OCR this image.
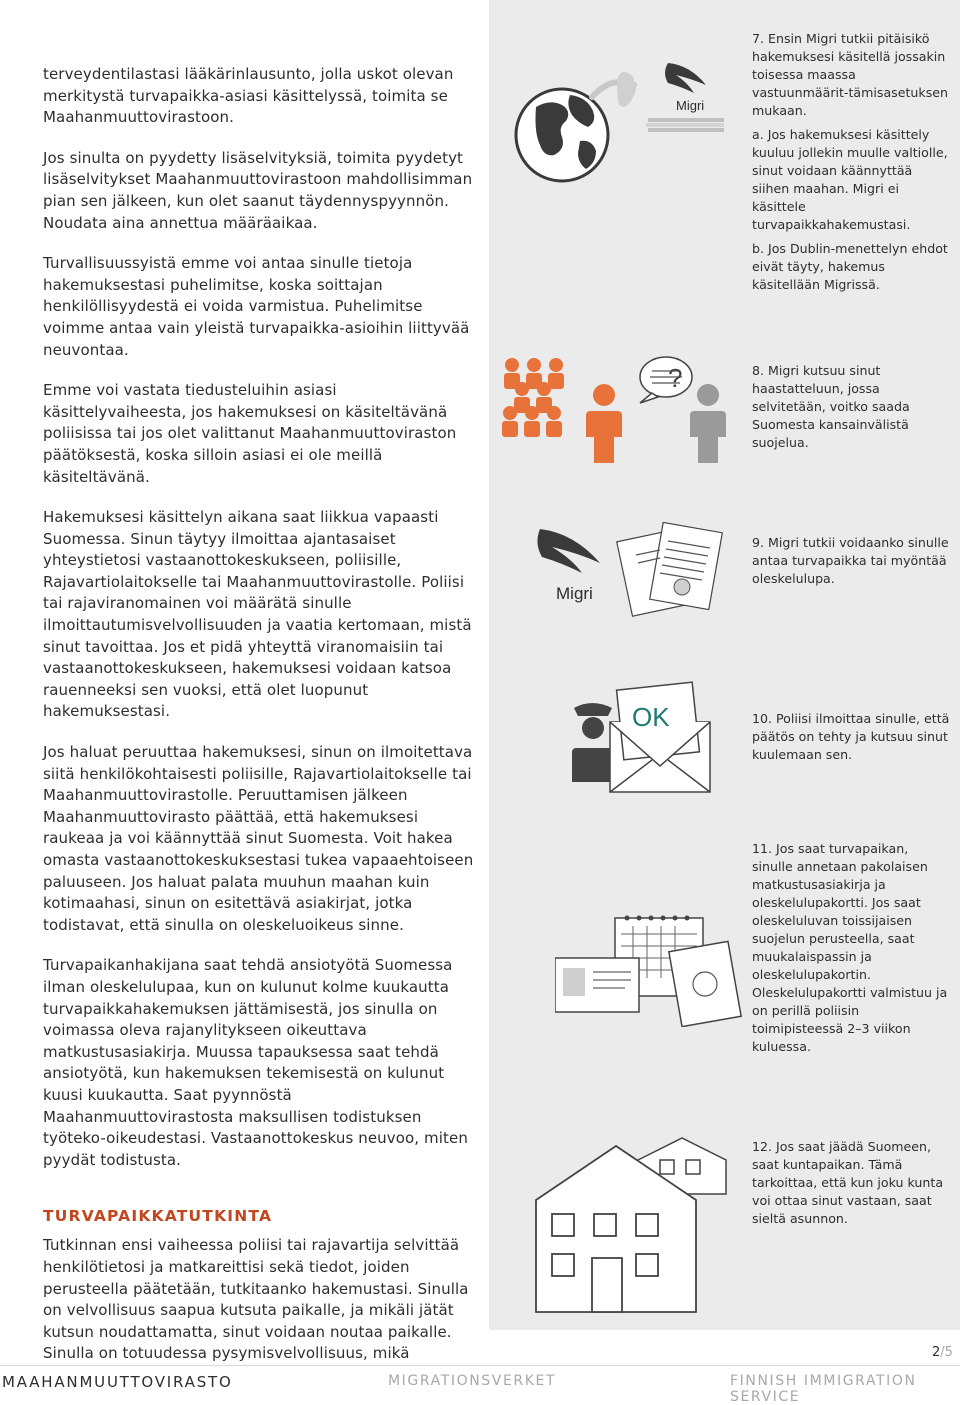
terveydentilastasi lääkärinlausunto, jolla uskot olevan merkitystä turvapaikka-asiasi käsittelyssä, toimita se Maahanmuuttovirastoon.

Jos sinulta on pyydetty lisäselvityksiä, toimita pyydetyt lisäselvitykset Maahanmuuttovirastoon mahdollisimman pian sen jälkeen, kun olet saanut täydennyspyynnön. Noudata aina annettua määräaikaa.

Turvallisuussyistä emme voi antaa sinulle tietoja hakemuksestasi puhelimitse, koska soittajan henkilöllisyydestä ei voida varmistua. Puhelimitse voimme antaa vain yleistä turvapaikka-asioihin liittyvää neuvontaa.

Emme voi vastata tiedusteluihin asiasi käsittelyvaiheesta, jos hakemuksesi on käsiteltävänä poliisissa tai jos olet valittanut Maahanmuuttoviraston päätöksestä, koska silloin asiasi ei ole meillä käsiteltävänä.

Hakemuksesi käsittelyn aikana saat liikkua vapaasti Suomessa. Sinun täytyy ilmoittaa ajantasaiset yhteystietosi vastaanottokeskukseen, poliisille, Rajavartiolaitokselle tai Maahanmuuttovirastolle. Poliisi tai rajaviranomainen voi määrätä sinulle ilmoittautumisvelvollisuuden ja vaatia kertomaan, mistä sinut tavoittaa. Jos et pidä yhteyttä viranomaisiin tai vastaanottokeskukseen, hakemuksesi voidaan katsoa rauenneeksi sen vuoksi, että olet luopunut hakemuksestasi.

Jos haluat peruuttaa hakemuksesi, sinun on ilmoitettava siitä henkilökohtaisesti poliisille, Rajavartiolaitokselle tai Maahanmuuttovirastolle. Peruuttamisen jälkeen Maahanmuuttovirasto päättää, että hakemuksesi raukeaa ja voi käännyttää sinut Suomesta. Voit hakea omasta vastaanottokeskuksestasi tukea vapaaehtoiseen paluuseen. Jos haluat palata muuhun maahan kuin kotimaahasi, sinun on esitettävä asiakirjat, jotka todistavat, että sinulla on oleskeluoikeus sinne.

Turvapaikanhakijana saat tehdä ansiotyötä Suomessa ilman oleskelulupaa, kun on kulunut kolme kuukautta turvapaikkahakemuksen jättämisestä, jos sinulla on voimassa oleva rajanylitykseen oikeuttava matkustusasiakirja. Muussa tapauksessa saat tehdä ansiotyötä, kun hakemuksen tekemisestä on kulunut kuusi kuukautta. Saat pyynnöstä Maahanmuuttovirastosta maksullisen todistuksen työteko-oikeudestasi. Vastaanottokeskus neuvoo, miten pyydät todistusta.

TURVAPAIKKATUTKINTA

Tutkinnan ensi vaiheessa poliisi tai rajavartija selvittää henkilötietosi ja matkareittisi sekä tiedot, joiden perusteella päätetään, tutkitaanko hakemustasi. Sinulla on velvollisuus saapua kutsuta paikalle, ja mikäli jätät kutsun noudattamatta, sinut voidaan noutaa paikalle. Sinulla on totuudessa pysymisvelvollisuus, mikä

Migri

7. Ensin Migri tutkii pitäisikö hakemuksesi käsitellä jossakin toisessa maassa vastuunmäärit-tämisasetuksen mukaan.

a. Jos hakemuksesi käsittely kuuluu jollekin muulle valtiolle, sinut voidaan käännyttää siihen maahan. Migri ei käsittele turvapaikkahakemustasi.

b. Jos Dublin-menettelyn ehdot eivät täyty, hakemus käsitellään Migrissä.

?	8. Migri kutsuu sinut haastatteluun, jossa selvitetään, voitko saada Suomesta kansainvälistä suojelua.

Migri

9. Migri tutkii voidaanko sinulle antaa turvapaikka tai myöntää oleskelulupa.

OK	10. Poliisi ilmoittaa sinulle, että päätös on tehty ja kutsuu sinut kuulemaan sen.

11. Jos saat turvapaikan, sinulle annetaan pakolaisen matkustusasiakirja ja oleskelulupakortti. Jos saat oleskeluluvan toissijaisen suojelun perusteella, saat muukalaispassin ja oleskelulupakortin. Oleskelulupakortti valmistuu ja on perillä poliisin toimipisteessä 2–3 viikon kuluessa.

12. Jos saat jäädä Suomeen, saat kuntapaikan. Tämä tarkoittaa, että kun joku kunta voi ottaa sinut vastaan, saat sieltä asunnon.

2/5
MAAHANMUUTTOVIRASTO	MIGRATIONSVERKET	FINNISH IMMIGRATION SERVICE
